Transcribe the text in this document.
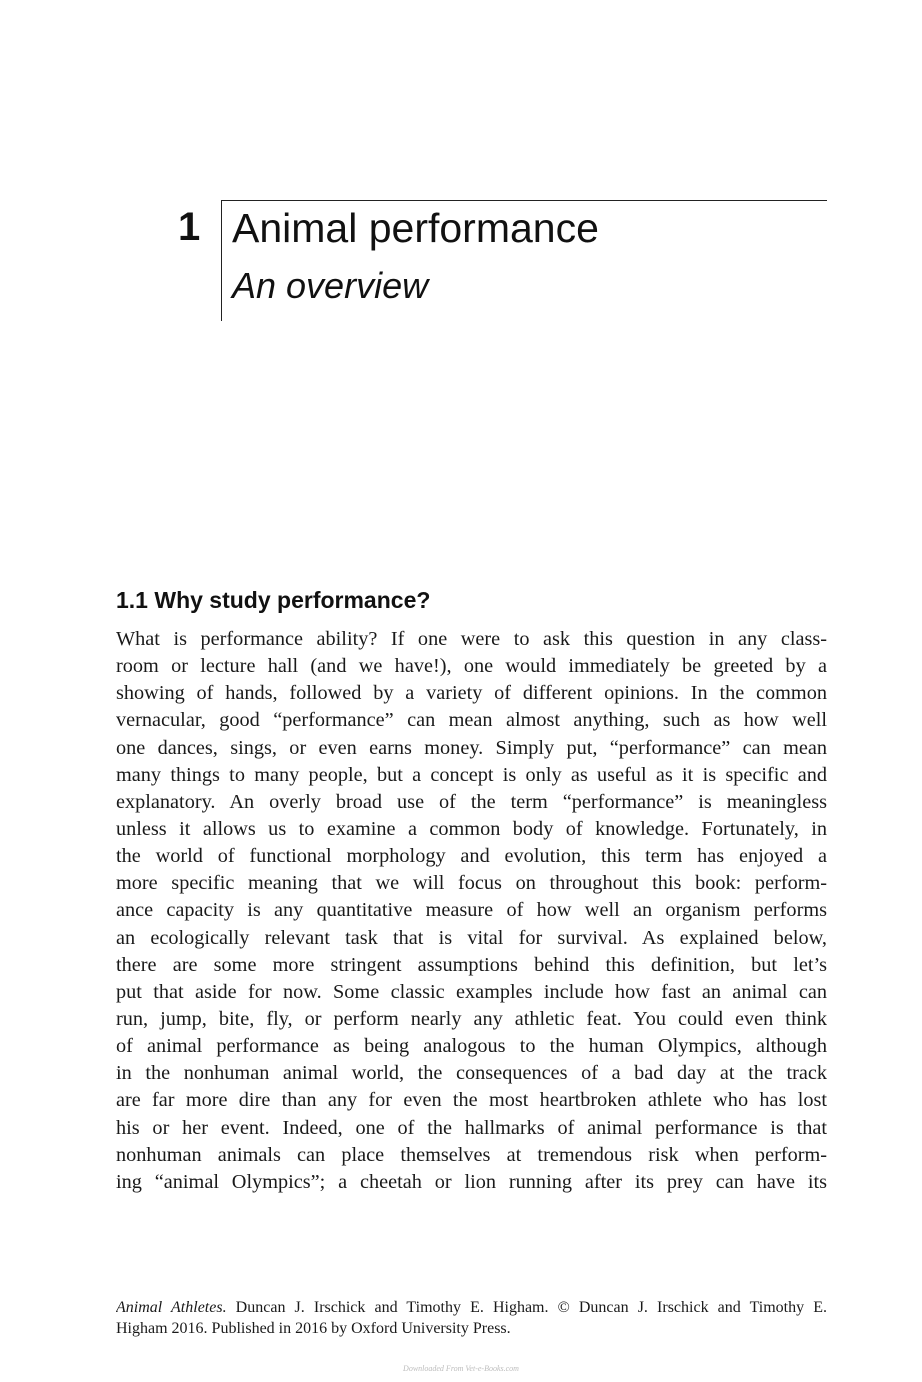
1 Animal performance
An overview
1.1 Why study performance?
What is performance ability? If one were to ask this question in any class-
room or lecture hall (and we have!), one would immediately be greeted by a
showing of hands, followed by a variety of different opinions. In the common
vernacular, good “performance” can mean almost anything, such as how well
one dances, sings, or even earns money. Simply put, “performance” can mean
many things to many people, but a concept is only as useful as it is specific and
explanatory. An overly broad use of the term “performance” is meaningless
unless it allows us to examine a common body of knowledge. Fortunately, in
the world of functional morphology and evolution, this term has enjoyed a
more specific meaning that we will focus on throughout this book: perform-
ance capacity is any quantitative measure of how well an organism performs
an ecologically relevant task that is vital for survival. As explained below,
there are some more stringent assumptions behind this definition, but let’s
put that aside for now. Some classic examples include how fast an animal can
run, jump, bite, fly, or perform nearly any athletic feat. You could even think
of animal performance as being analogous to the human Olympics, although
in the nonhuman animal world, the consequences of a bad day at the track
are far more dire than any for even the most heartbroken athlete who has lost
his or her event. Indeed, one of the hallmarks of animal performance is that
nonhuman animals can place themselves at tremendous risk when perform-
ing “animal Olympics”; a cheetah or lion running after its prey can have its
Animal Athletes. Duncan J. Irschick and Timothy E. Higham. © Duncan J. Irschick and Timothy E.
Higham 2016. Published in 2016 by Oxford University Press.
Downloaded From Vet-e-Books.com
